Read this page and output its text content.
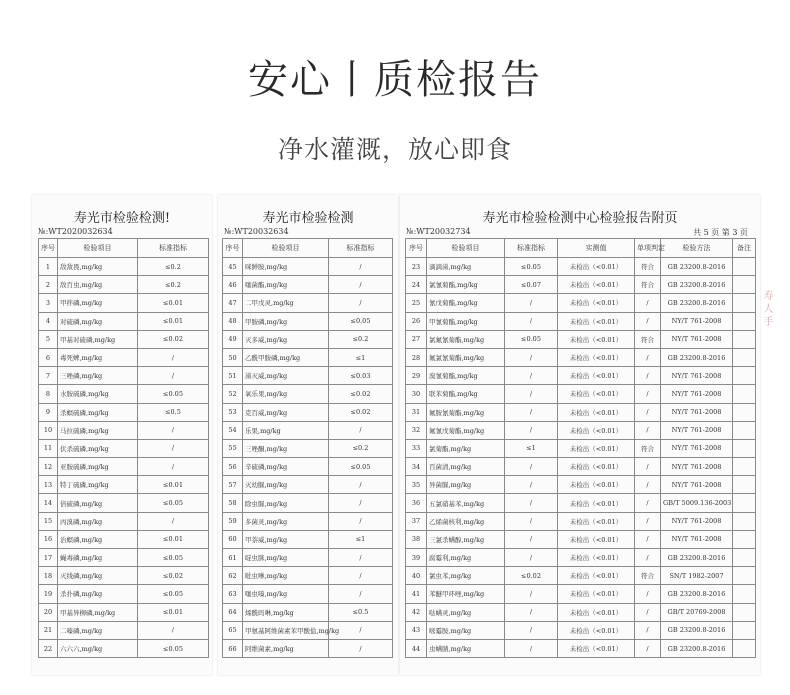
安心丨质检报告
净水灌溉，放心即食
寿光市检验检测!
№:WT2020032634
序号	检验项目	标准指标
1	敌敌畏,mg/kg	≤0.2
2	敌百虫,mg/kg	≤0.2
3	甲拌磷,mg/kg	≤0.01
4	对硫磷,mg/kg	≤0.01
5	甲基对硫磷,mg/kg	≤0.02
6	毒死蜱,mg/kg	/
7	三唑磷,mg/kg	/
8	水胺硫磷,mg/kg	≤0.05
9	杀螟硫磷,mg/kg	≤0.5
10	马拉硫磷,mg/kg	/
11	伏杀硫磷,mg/kg	/
12	亚胺硫磷,mg/kg	/
13	特丁硫磷,mg/kg	≤0.01
14	倍硫磷,mg/kg	≤0.05
15	丙溴磷,mg/kg	/
16	治螟磷,mg/kg	≤0.01
17	蝇毒磷,mg/kg	≤0.05
18	灭线磷,mg/kg	≤0.02
19	杀扑磷,mg/kg	≤0.05
20	甲基异柳磷,mg/kg	≤0.01
21	二嗪磷,mg/kg	/
22	六六六,mg/kg	≤0.05
寿光市检验检测
№:WT20032634
序号	检验项目	标准指标
45	咪鲜胺,mg/kg	/
46	噻菌酯,mg/kg	/
47	二甲戊灵,mg/kg	/
48	甲胺磷,mg/kg	≤0.05
49	灭多威,mg/kg	≤0.2
50	乙酰甲胺磷,mg/kg	≤1
51	涕灭威,mg/kg	≤0.03
52	氧乐果,mg/kg	≤0.02
53	克百威,mg/kg	≤0.02
54	乐果,mg/kg	/
55	三唑酮,mg/kg	≤0.2
56	辛硫磷,mg/kg	≤0.05
57	灭幼脲,mg/kg	/
58	除虫脲,mg/kg	/
59	多菌灵,mg/kg	/
60	甲萘威,mg/kg	≤1
61	啶虫脒,mg/kg	/
62	吡虫啉,mg/kg	/
63	噻虫嗪,mg/kg	/
64	烯酰吗啉,mg/kg	≤0.5
65	甲氨基阿维菌素苯甲酸盐,mg/kg	/
66	阿维菌素,mg/kg	/
寿光市检验检测中心检验报告附页
№:WT20032734	共 5 页 第 3 页
序号	检验项目	标准指标	实测值	单项判定	检验方法	备注
23	滴滴涕,mg/kg	≤0.05	未检出（<0.01）	符合	GB 23200.8-2016	
24	氯氰菊酯,mg/kg	≤0.07	未检出（<0.01）	符合	GB 23200.8-2016	
25	氰戊菊酯,mg/kg	/	未检出（<0.01）	/	GB 23200.8-2016	
26	甲氰菊酯,mg/kg	/	未检出（<0.01）	/	NY/T 761-2008	
27	氯氟氰菊酯,mg/kg	≤0.05	未检出（<0.01）	符合	NY/T 761-2008	
28	氟氯氰菊酯,mg/kg	/	未检出（<0.01）	/	GB 23200.8-2016	
29	溴氰菊酯,mg/kg	/	未检出（<0.01）	/	NY/T 761-2008	
30	联苯菊酯,mg/kg	/	未检出（<0.01）	/	NY/T 761-2008	
31	氟胺氰菊酯,mg/kg	/	未检出（<0.01）	/	NY/T 761-2008	
32	氟氰戊菊酯,mg/kg	/	未检出（<0.01）	/	NY/T 761-2008	
33	氯菊酯,mg/kg	≤1	未检出（<0.01）	符合	NY/T 761-2008	
34	百菌清,mg/kg	/	未检出（<0.01）	/	NY/T 761-2008	
35	异菌脲,mg/kg	/	未检出（<0.01）	/	NY/T 761-2008	
36	五氯硝基苯,mg/kg	/	未检出（<0.01）	/	GB/T 5009.136-2003	
37	乙烯菌核利,mg/kg	/	未检出（<0.01）	/	NY/T 761-2008	
38	三氯杀螨醇,mg/kg	/	未检出（<0.01）	/	NY/T 761-2008	
39	腐霉利,mg/kg	/	未检出（<0.01）	/	GB 23200.8-2016	
40	氯虫苯,mg/kg	≤0.02	未检出（<0.01）	符合	SN/T 1982-2007	
41	苯醚甲环唑,mg/kg	/	未检出（<0.01）	/	GB 23200.8-2016	
42	哒螨灵,mg/kg	/	未检出（<0.01）	/	GB/T 20769-2008	
43	嘧霉胺,mg/kg	/	未检出（<0.01）	/	GB 23200.8-2016	
44	虫螨腈,mg/kg	/	未检出（<0.01）	/	GB 23200.8-2016	
寿 人 手
